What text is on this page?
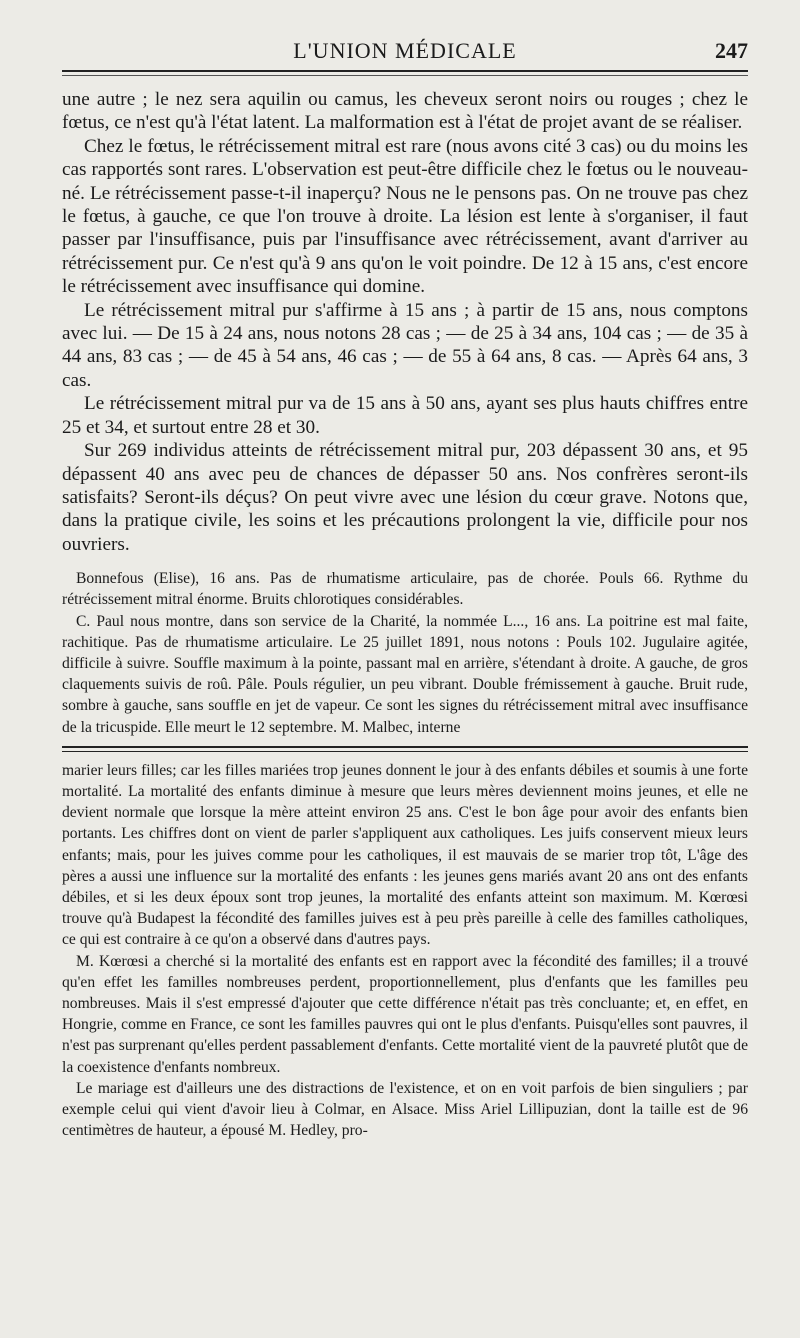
L'UNION MÉDICALE	247

une autre ; le nez sera aquilin ou camus, les cheveux seront noirs ou rouges ; chez le fœtus, ce n'est qu'à l'état latent. La malformation est à l'état de projet avant de se réaliser.

Chez le fœtus, le rétrécissement mitral est rare (nous avons cité 3 cas) ou du moins les cas rapportés sont rares. L'observation est peut-être difficile chez le fœtus ou le nouveau-né. Le rétrécissement passe-t-il inaperçu? Nous ne le pensons pas. On ne trouve pas chez le fœtus, à gauche, ce que l'on trouve à droite. La lésion est lente à s'organiser, il faut passer par l'insuffisance, puis par l'insuffisance avec rétrécissement, avant d'arriver au rétrécissement pur. Ce n'est qu'à 9 ans qu'on le voit poindre. De 12 à 15 ans, c'est encore le rétrécissement avec insuffisance qui domine.

Le rétrécissement mitral pur s'affirme à 15 ans ; à partir de 15 ans, nous comptons avec lui. — De 15 à 24 ans, nous notons 28 cas ; — de 25 à 34 ans, 104 cas ; — de 35 à 44 ans, 83 cas ; — de 45 à 54 ans, 46 cas ; — de 55 à 64 ans, 8 cas. — Après 64 ans, 3 cas.

Le rétrécissement mitral pur va de 15 ans à 50 ans, ayant ses plus hauts chiffres entre 25 et 34, et surtout entre 28 et 30.

Sur 269 individus atteints de rétrécissement mitral pur, 203 dépassent 30 ans, et 95 dépassent 40 ans avec peu de chances de dépasser 50 ans. Nos confrères seront-ils satisfaits? Seront-ils déçus? On peut vivre avec une lésion du cœur grave. Notons que, dans la pratique civile, les soins et les précautions prolongent la vie, difficile pour nos ouvriers.

Bonnefous (Elise), 16 ans. Pas de rhumatisme articulaire, pas de chorée. Pouls 66. Rythme du rétrécissement mitral énorme. Bruits chlorotiques considérables.

C. Paul nous montre, dans son service de la Charité, la nommée L..., 16 ans. La poitrine est mal faite, rachitique. Pas de rhumatisme articulaire. Le 25 juillet 1891, nous notons : Pouls 102. Jugulaire agitée, difficile à suivre. Souffle maximum à la pointe, passant mal en arrière, s'étendant à droite. A gauche, de gros claquements suivis de roû. Pâle. Pouls régulier, un peu vibrant. Double frémissement à gauche. Bruit rude, sombre à gauche, sans souffle en jet de vapeur. Ce sont les signes du rétrécissement mitral avec insuffisance de la tricuspide. Elle meurt le 12 septembre. M. Malbec, interne

marier leurs filles; car les filles mariées trop jeunes donnent le jour à des enfants débiles et soumis à une forte mortalité. La mortalité des enfants diminue à mesure que leurs mères deviennent moins jeunes, et elle ne devient normale que lorsque la mère atteint environ 25 ans. C'est le bon âge pour avoir des enfants bien portants. Les chiffres dont on vient de parler s'appliquent aux catholiques. Les juifs conservent mieux leurs enfants; mais, pour les juives comme pour les catholiques, il est mauvais de se marier trop tôt, L'âge des pères a aussi une influence sur la mortalité des enfants : les jeunes gens mariés avant 20 ans ont des enfants débiles, et si les deux époux sont trop jeunes, la mortalité des enfants atteint son maximum. M. Kœrœsi trouve qu'à Budapest la fécondité des familles juives est à peu près pareille à celle des familles catholiques, ce qui est contraire à ce qu'on a observé dans d'autres pays.

M. Kœrœsi a cherché si la mortalité des enfants est en rapport avec la fécondité des familles; il a trouvé qu'en effet les familles nombreuses perdent, proportionnellement, plus d'enfants que les familles peu nombreuses. Mais il s'est empressé d'ajouter que cette différence n'était pas très concluante; et, en effet, en Hongrie, comme en France, ce sont les familles pauvres qui ont le plus d'enfants. Puisqu'elles sont pauvres, il n'est pas surprenant qu'elles perdent passablement d'enfants. Cette mortalité vient de la pauvreté plutôt que de la coexistence d'enfants nombreux.

Le mariage est d'ailleurs une des distractions de l'existence, et on en voit parfois de bien singuliers ; par exemple celui qui vient d'avoir lieu à Colmar, en Alsace. Miss Ariel Lillipuzian, dont la taille est de 96 centimètres de hauteur, a épousé M. Hedley, pro-
